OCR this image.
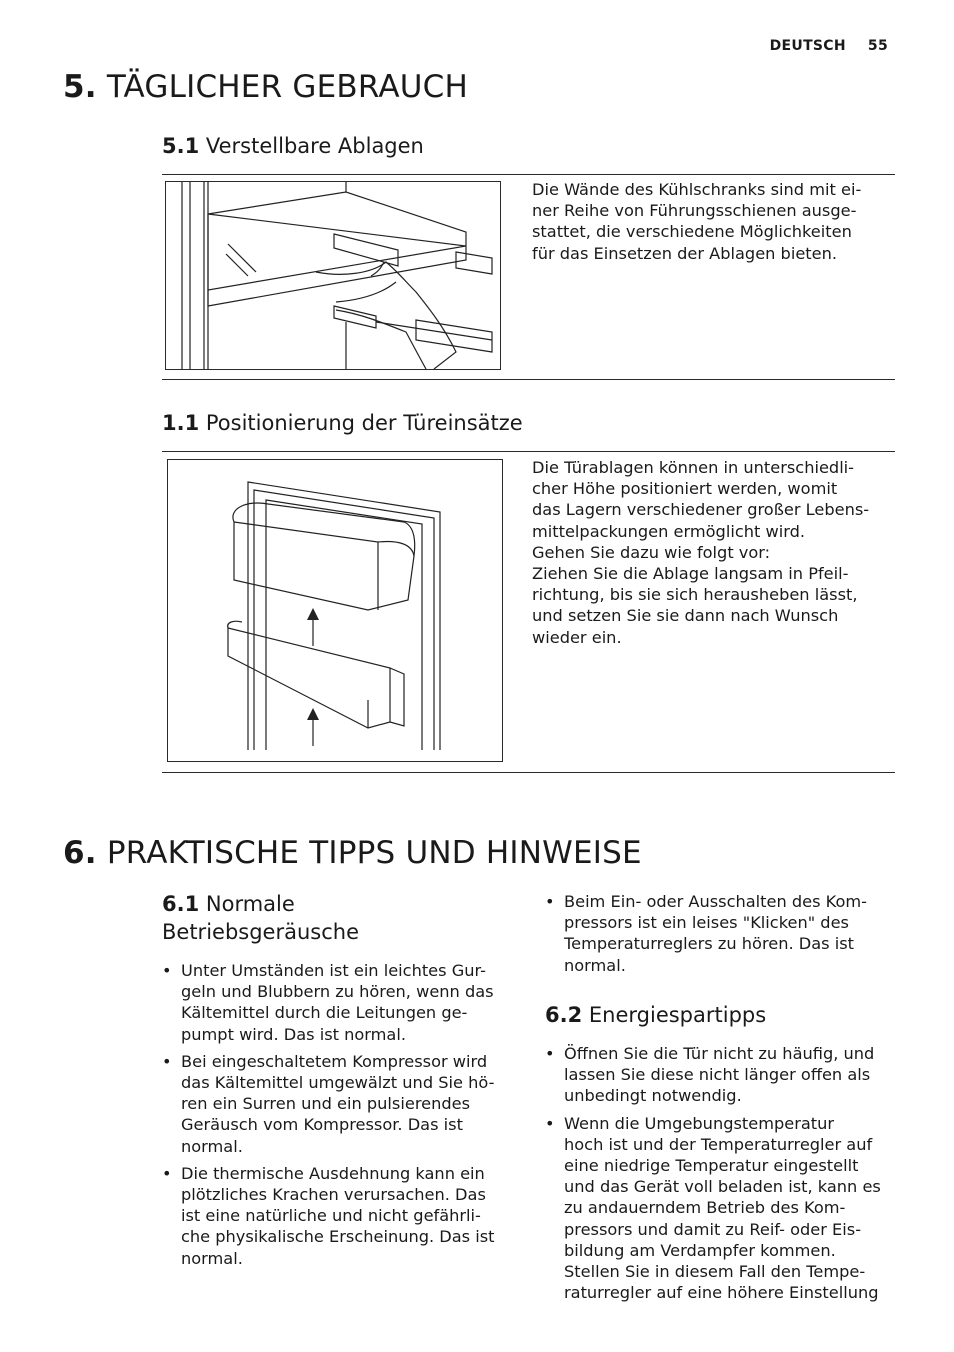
DEUTSCH 55
5. TÄGLICHER GEBRAUCH
5.1 Verstellbare Ablagen
Die Wände des Kühlschranks sind mit ei-
ner Reihe von Führungsschienen ausge-
stattet, die verschiedene Möglichkeiten
für das Einsetzen der Ablagen bieten.
1.1 Positionierung der Türeinsätze
Die Türablagen können in unterschiedli-
cher Höhe positioniert werden, womit
das Lagern verschiedener großer Lebens-
mittelpackungen ermöglicht wird.
Gehen Sie dazu wie folgt vor:
Ziehen Sie die Ablage langsam in Pfeil-
richtung, bis sie sich herausheben lässt,
und setzen Sie sie dann nach Wunsch
wieder ein.
6. PRAKTISCHE TIPPS UND HINWEISE
6.1 Normale
Betriebsgeräusche
• Unter Umständen ist ein leichtes Gur-
geln und Blubbern zu hören, wenn das
Kältemittel durch die Leitungen ge-
pumpt wird. Das ist normal.
• Bei eingeschaltetem Kompressor wird
das Kältemittel umgewälzt und Sie hö-
ren ein Surren und ein pulsierendes
Geräusch vom Kompressor. Das ist
normal.
• Die thermische Ausdehnung kann ein
plötzliches Krachen verursachen. Das
ist eine natürliche und nicht gefährli-
che physikalische Erscheinung. Das ist
normal.
• Beim Ein- oder Ausschalten des Kom-
pressors ist ein leises "Klicken" des
Temperaturreglers zu hören. Das ist
normal.
6.2 Energiespartipps
• Öffnen Sie die Tür nicht zu häufig, und
lassen Sie diese nicht länger offen als
unbedingt notwendig.
• Wenn die Umgebungstemperatur
hoch ist und der Temperaturregler auf
eine niedrige Temperatur eingestellt
und das Gerät voll beladen ist, kann es
zu andauerndem Betrieb des Kom-
pressors und damit zu Reif- oder Eis-
bildung am Verdampfer kommen.
Stellen Sie in diesem Fall den Tempe-
raturregler auf eine höhere Einstellung
